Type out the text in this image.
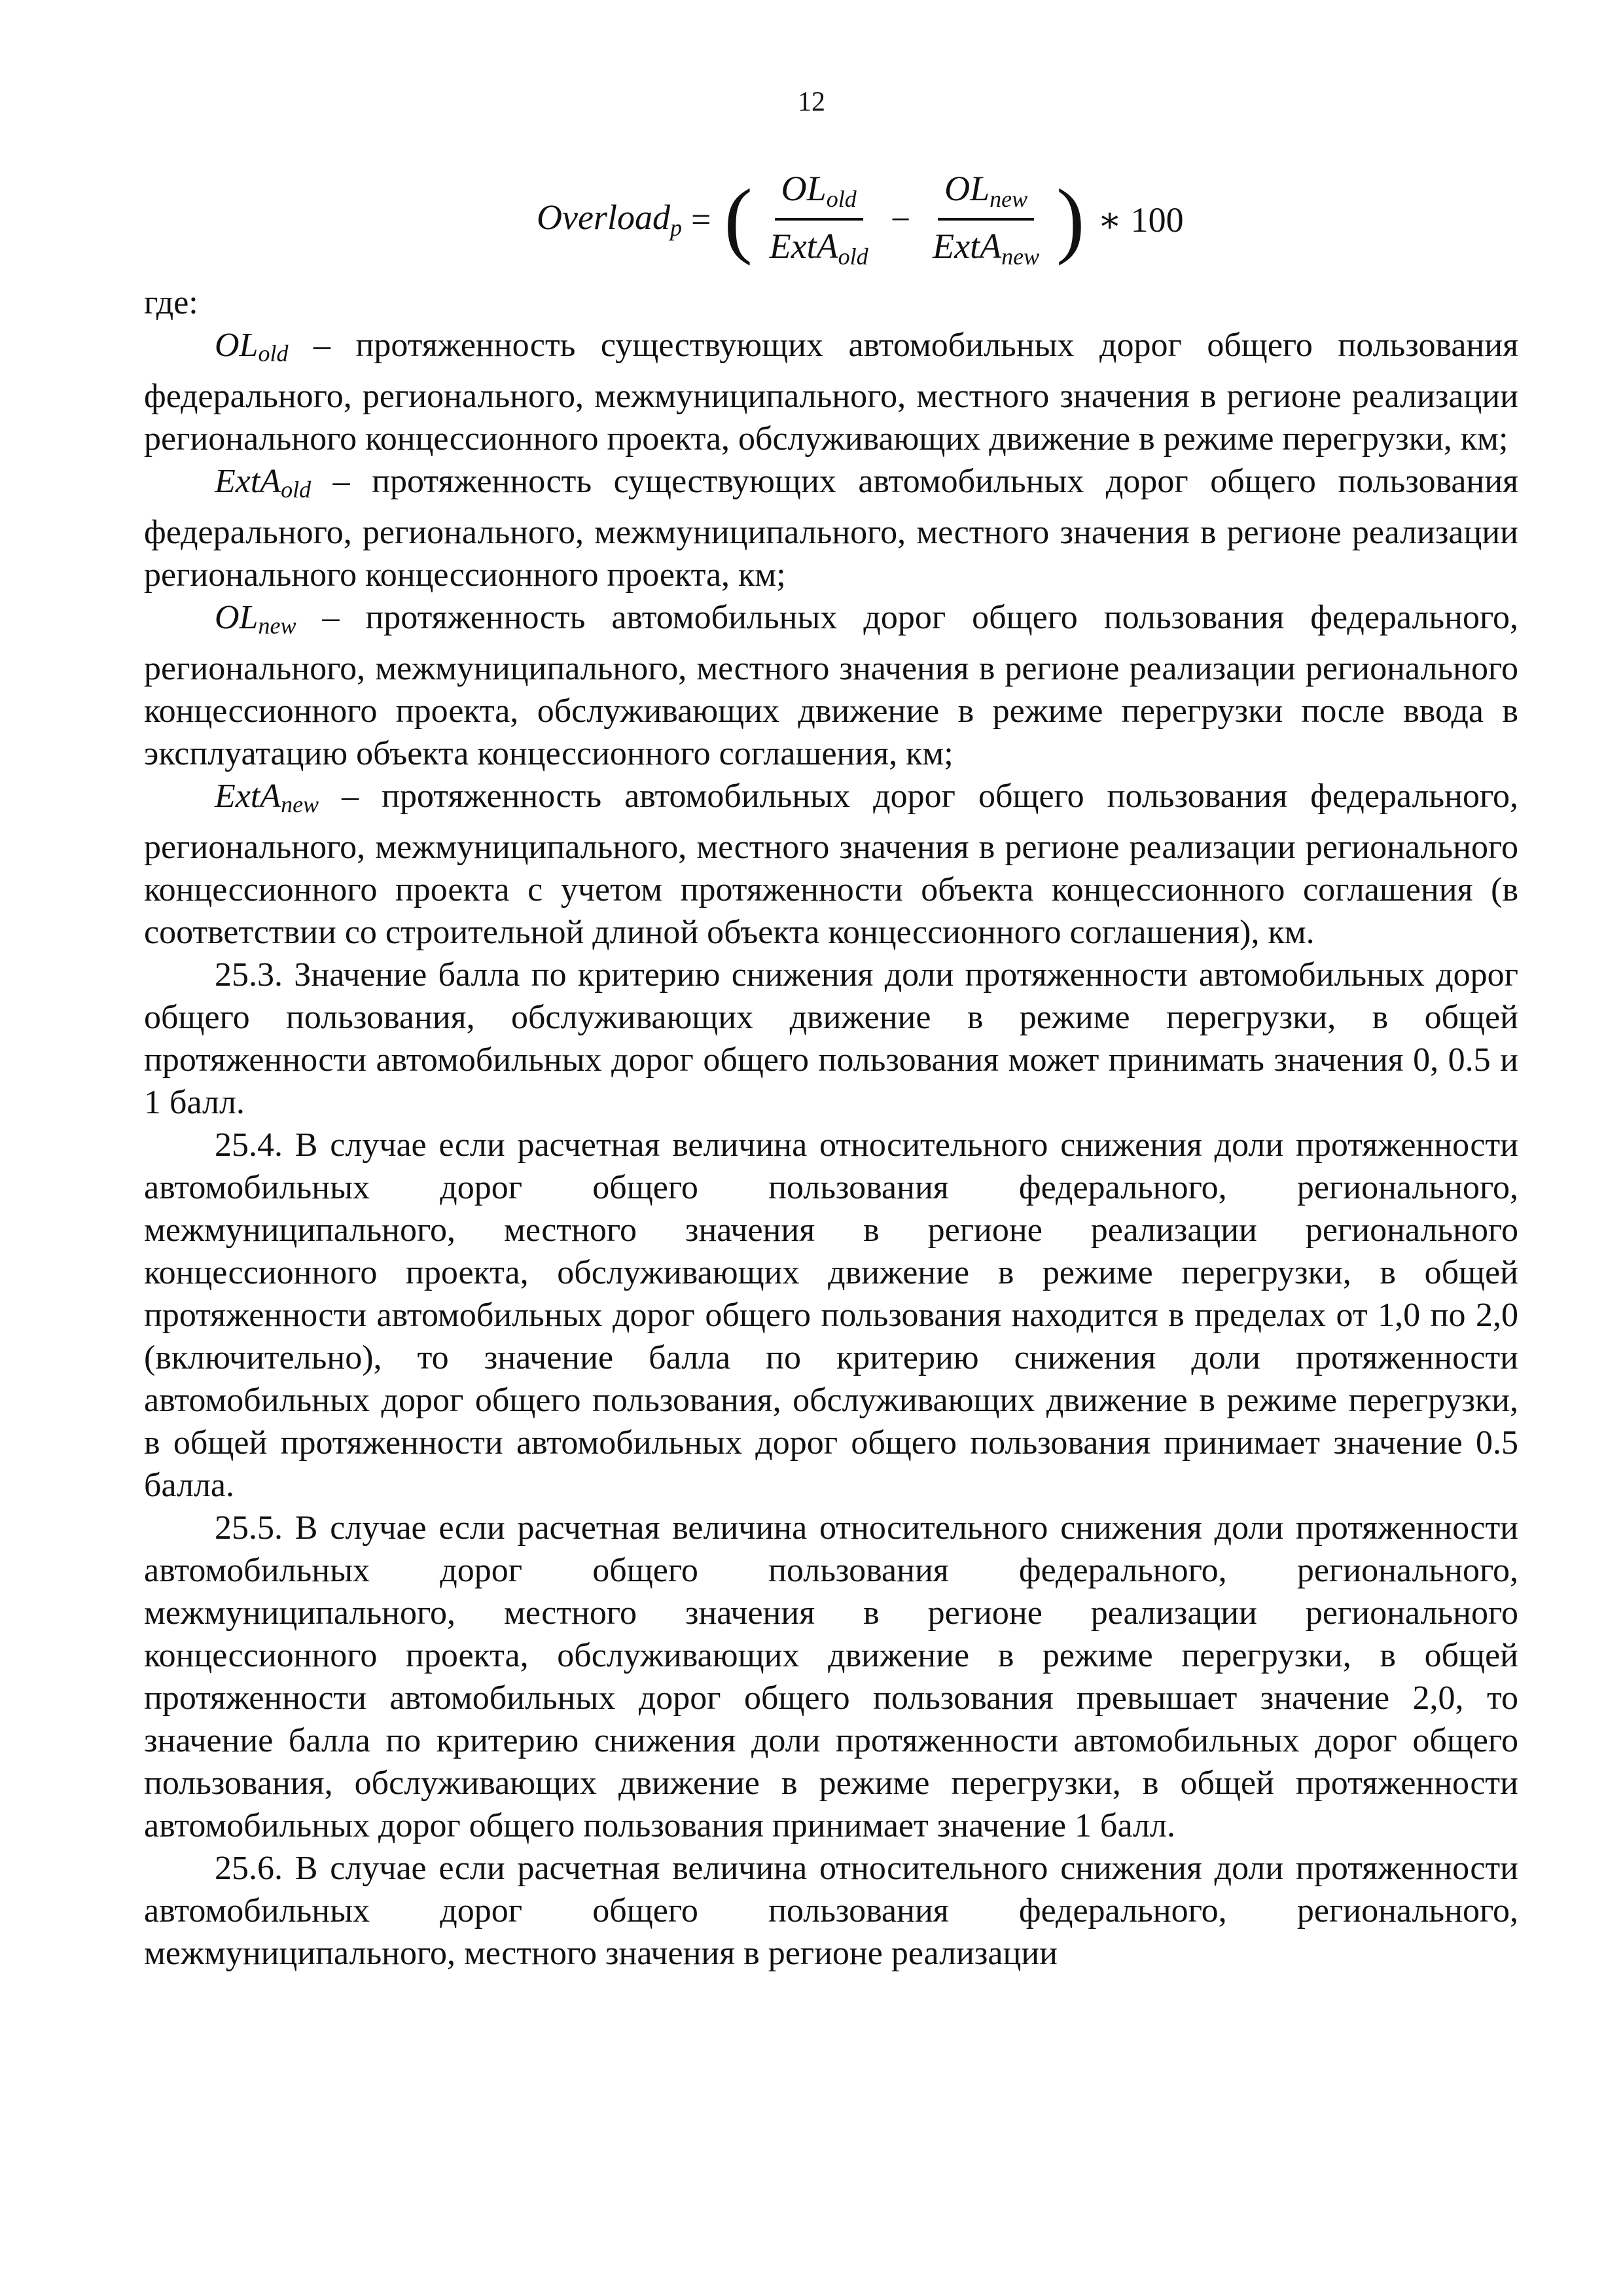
12
Overload$_p$ = ( $\frac{OL_{old}}{ExtA_{old}} - \frac{OL_{new}}{ExtA_{new}}$ ) ∗ 100

где:

$OL_{old}$ – протяженность существующих автомобильных дорог общего пользования федерального, регионального, межмуниципального, местного значения в регионе реализации регионального концессионного проекта, обслуживающих движение в режиме перегрузки, км;

ExtA$_{old}$ – протяженность существующих автомобильных дорог общего пользования федерального, регионального, межмуниципального, местного значения в регионе реализации регионального концессионного проекта, км;

$OL_{new}$ – протяженность автомобильных дорог общего пользования федерального, регионального, межмуниципального, местного значения в регионе реализации регионального концессионного проекта, обслуживающих движение в режиме перегрузки после ввода в эксплуатацию объекта концессионного соглашения, км;

ExtA$_{new}$ – протяженность автомобильных дорог общего пользования федерального, регионального, межмуниципального, местного значения в регионе реализации регионального концессионного проекта с учетом протяженности объекта концессионного соглашения (в соответствии со строительной длиной объекта концессионного соглашения), км.

25.3. Значение балла по критерию снижения доли протяженности автомобильных дорог общего пользования, обслуживающих движение в режиме перегрузки, в общей протяженности автомобильных дорог общего пользования может принимать значения 0, 0.5 и 1 балл.

25.4. В случае если расчетная величина относительного снижения доли протяженности автомобильных дорог общего пользования федерального, регионального, межмуниципального, местного значения в регионе реализации регионального концессионного проекта, обслуживающих движение в режиме перегрузки, в общей протяженности автомобильных дорог общего пользования находится в пределах от 1,0 по 2,0 (включительно), то значение балла по критерию снижения доли протяженности автомобильных дорог общего пользования, обслуживающих движение в режиме перегрузки, в общей протяженности автомобильных дорог общего пользования принимает значение 0.5 балла.

25.5. В случае если расчетная величина относительного снижения доли протяженности автомобильных дорог общего пользования федерального, регионального, межмуниципального, местного значения в регионе реализации регионального концессионного проекта, обслуживающих движение в режиме перегрузки, в общей протяженности автомобильных дорог общего пользования превышает значение 2,0, то значение балла по критерию снижения доли протяженности автомобильных дорог общего пользования, обслуживающих движение в режиме перегрузки, в общей протяженности автомобильных дорог общего пользования принимает значение 1 балл.

25.6. В случае если расчетная величина относительного снижения доли протяженности автомобильных дорог общего пользования федерального, регионального, межмуниципального, местного значения в регионе реализации
